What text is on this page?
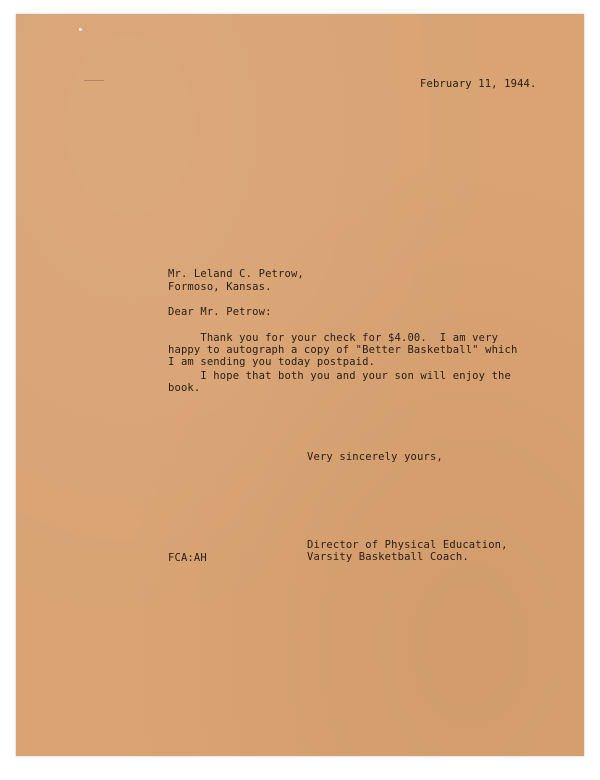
February 11, 1944.

Mr. Leland C. Petrow,

Formoso, Kansas.

Dear Mr. Petrow:

Thank you for your check for $4.00.  I am very
happy to autograph a copy of "Better Basketball" which
I am sending you today postpaid.

I hope that both you and your son will enjoy the
book.

Very sincerely yours,

Director of Physical Education,
Varsity Basketball Coach.

FCA:AH
